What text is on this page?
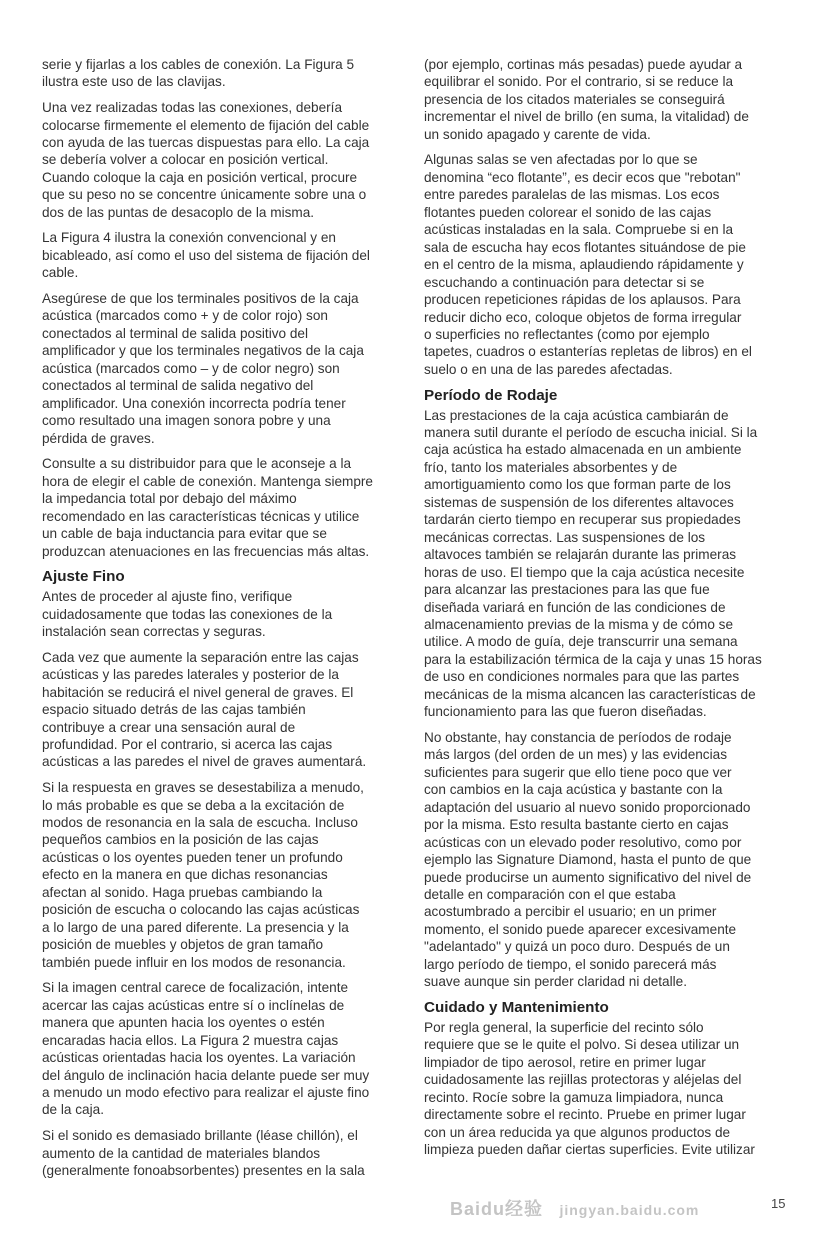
serie y fijarlas a los cables de conexión. La Figura 5
ilustra este uso de las clavijas.
Una vez realizadas todas las conexiones, debería
colocarse firmemente el elemento de fijación del cable
con ayuda de las tuercas dispuestas para ello. La caja
se debería volver a colocar en posición vertical.
Cuando coloque la caja en posición vertical, procure
que su peso no se concentre únicamente sobre una o
dos de las puntas de desacoplo de la misma.
La Figura 4 ilustra la conexión convencional y en
bicableado, así como el uso del sistema de fijación del
cable.
Asegúrese de que los terminales positivos de la caja
acústica (marcados como + y de color rojo) son
conectados al terminal de salida positivo del
amplificador y que los terminales negativos de la caja
acústica (marcados como – y de color negro) son
conectados al terminal de salida negativo del
amplificador. Una conexión incorrecta podría tener
como resultado una imagen sonora pobre y una
pérdida de graves.
Consulte a su distribuidor para que le aconseje a la
hora de elegir el cable de conexión. Mantenga siempre
la impedancia total por debajo del máximo
recomendado en las características técnicas y utilice
un cable de baja inductancia para evitar que se
produzcan atenuaciones en las frecuencias más altas.
Ajuste Fino
Antes de proceder al ajuste fino, verifique
cuidadosamente que todas las conexiones de la
instalación sean correctas y seguras.
Cada vez que aumente la separación entre las cajas
acústicas y las paredes laterales y posterior de la
habitación se reducirá el nivel general de graves. El
espacio situado detrás de las cajas también
contribuye a crear una sensación aural de
profundidad. Por el contrario, si acerca las cajas
acústicas a las paredes el nivel de graves aumentará.
Si la respuesta en graves se desestabiliza a menudo,
lo más probable es que se deba a la excitación de
modos de resonancia en la sala de escucha. Incluso
pequeños cambios en la posición de las cajas
acústicas o los oyentes pueden tener un profundo
efecto en la manera en que dichas resonancias
afectan al sonido. Haga pruebas cambiando la
posición de escucha o colocando las cajas acústicas
a lo largo de una pared diferente. La presencia y la
posición de muebles y objetos de gran tamaño
también puede influir en los modos de resonancia.
Si la imagen central carece de focalización, intente
acercar las cajas acústicas entre sí o inclínelas de
manera que apunten hacia los oyentes o estén
encaradas hacia ellos. La Figura 2 muestra cajas
acústicas orientadas hacia los oyentes. La variación
del ángulo de inclinación hacia delante puede ser muy
a menudo un modo efectivo para realizar el ajuste fino
de la caja.
Si el sonido es demasiado brillante (léase chillón), el
aumento de la cantidad de materiales blandos
(generalmente fonoabsorbentes) presentes en la sala
(por ejemplo, cortinas más pesadas) puede ayudar a
equilibrar el sonido. Por el contrario, si se reduce la
presencia de los citados materiales se conseguirá
incrementar el nivel de brillo (en suma, la vitalidad) de
un sonido apagado y carente de vida.
Algunas salas se ven afectadas por lo que se
denomina “eco flotante”, es decir ecos que "rebotan"
entre paredes paralelas de las mismas. Los ecos
flotantes pueden colorear el sonido de las cajas
acústicas instaladas en la sala. Compruebe si en la
sala de escucha hay ecos flotantes situándose de pie
en el centro de la misma, aplaudiendo rápidamente y
escuchando a continuación para detectar si se
producen repeticiones rápidas de los aplausos. Para
reducir dicho eco, coloque objetos de forma irregular
o superficies no reflectantes (como por ejemplo
tapetes, cuadros o estanterías repletas de libros) en el
suelo o en una de las paredes afectadas.
Período de Rodaje
Las prestaciones de la caja acústica cambiarán de
manera sutil durante el período de escucha inicial. Si la
caja acústica ha estado almacenada en un ambiente
frío, tanto los materiales absorbentes y de
amortiguamiento como los que forman parte de los
sistemas de suspensión de los diferentes altavoces
tardarán cierto tiempo en recuperar sus propiedades
mecánicas correctas. Las suspensiones de los
altavoces también se relajarán durante las primeras
horas de uso. El tiempo que la caja acústica necesite
para alcanzar las prestaciones para las que fue
diseñada variará en función de las condiciones de
almacenamiento previas de la misma y de cómo se
utilice. A modo de guía, deje transcurrir una semana
para la estabilización térmica de la caja y unas 15 horas
de uso en condiciones normales para que las partes
mecánicas de la misma alcancen las características de
funcionamiento para las que fueron diseñadas.
No obstante, hay constancia de períodos de rodaje
más largos (del orden de un mes) y las evidencias
suficientes para sugerir que ello tiene poco que ver
con cambios en la caja acústica y bastante con la
adaptación del usuario al nuevo sonido proporcionado
por la misma. Esto resulta bastante cierto en cajas
acústicas con un elevado poder resolutivo, como por
ejemplo las Signature Diamond, hasta el punto de que
puede producirse un aumento significativo del nivel de
detalle en comparación con el que estaba
acostumbrado a percibir el usuario; en un primer
momento, el sonido puede aparecer excesivamente
"adelantado" y quizá un poco duro. Después de un
largo período de tiempo, el sonido parecerá más
suave aunque sin perder claridad ni detalle.
Cuidado y Mantenimiento
Por regla general, la superficie del recinto sólo
requiere que se le quite el polvo. Si desea utilizar un
limpiador de tipo aerosol, retire en primer lugar
cuidadosamente las rejillas protectoras y aléjelas del
recinto. Rocíe sobre la gamuza limpiadora, nunca
directamente sobre el recinto. Pruebe en primer lugar
con un área reducida ya que algunos productos de
limpieza pueden dañar ciertas superficies. Evite utilizar
Baidu经验 jingyan.baidu.com	15
